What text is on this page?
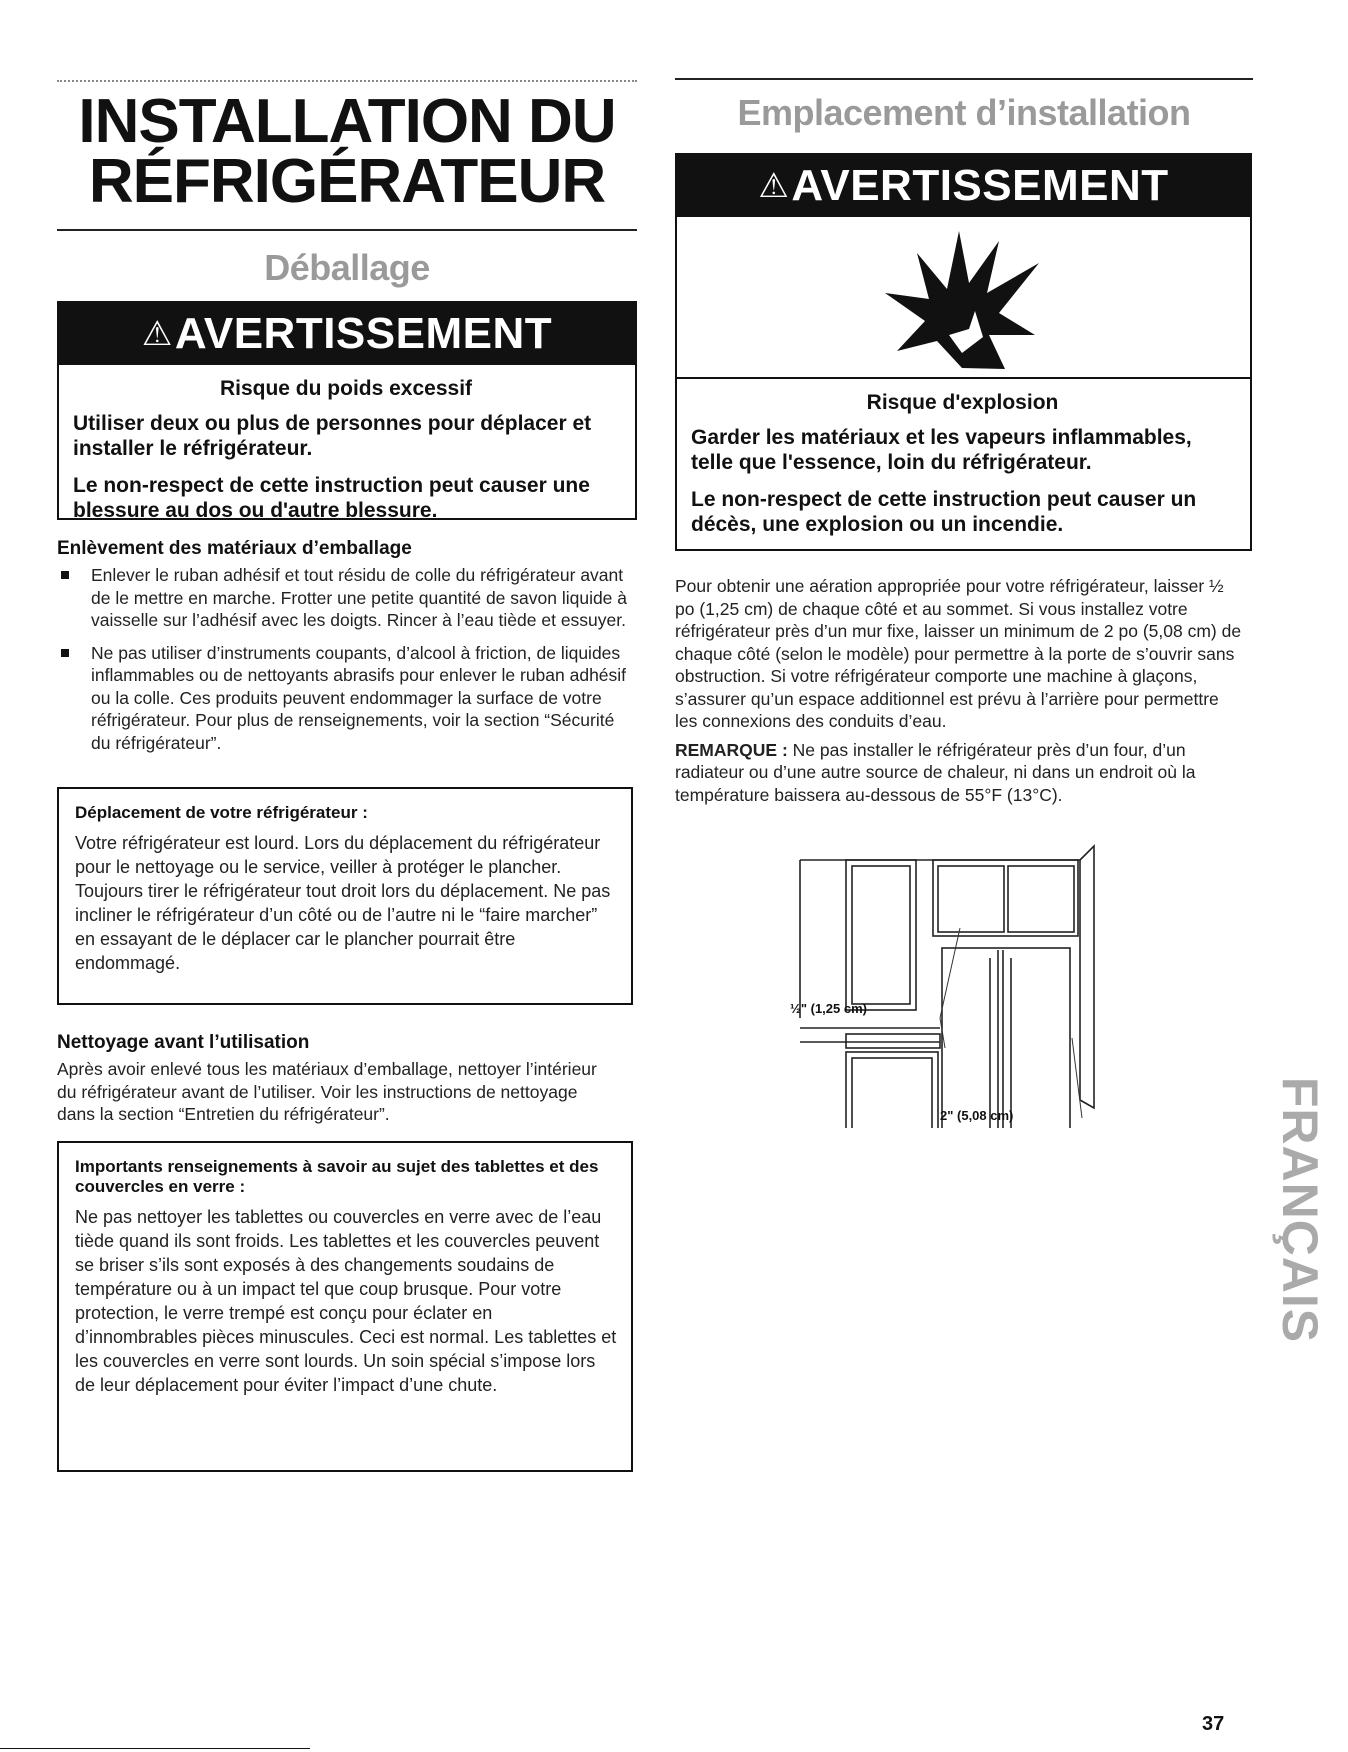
INSTALLATION DU
RÉFRIGÉRATEUR
Déballage
⚠AVERTISSEMENT
Risque du poids excessif

Utiliser deux ou plus de personnes pour déplacer et installer le réfrigérateur.

Le non-respect de cette instruction peut causer une blessure au dos ou d'autre blessure.

Enlèvement des matériaux d’emballage
Enlever le ruban adhésif et tout résidu de colle du réfrigérateur avant de le mettre en marche. Frotter une petite quantité de savon liquide à vaisselle sur l’adhésif avec les doigts. Rincer à l’eau tiède et essuyer.
Ne pas utiliser d’instruments coupants, d’alcool à friction, de liquides inflammables ou de nettoyants abrasifs pour enlever le ruban adhésif ou la colle. Ces produits peuvent endommager la surface de votre réfrigérateur. Pour plus de renseignements, voir la section “Sécurité du réfrigérateur”.
Déplacement de votre réfrigérateur :

Votre réfrigérateur est lourd. Lors du déplacement du réfrigérateur pour le nettoyage ou le service, veiller à protéger le plancher. Toujours tirer le réfrigérateur tout droit lors du déplacement. Ne pas incliner le réfrigérateur d’un côté ou de l’autre ni le “faire marcher” en essayant de le déplacer car le plancher pourrait être endommagé.

Nettoyage avant l’utilisation
Après avoir enlevé tous les matériaux d’emballage, nettoyer l’intérieur du réfrigérateur avant de l’utiliser. Voir les instructions de nettoyage dans la section “Entretien du réfrigérateur”.
Importants renseignements à savoir au sujet des tablettes et des couvercles en verre :

Ne pas nettoyer les tablettes ou couvercles en verre avec de l’eau tiède quand ils sont froids. Les tablettes et les couvercles peuvent se briser s’ils sont exposés à des changements soudains de température ou à un impact tel que coup brusque. Pour votre protection, le verre trempé est conçu pour éclater en d’innombrables pièces minuscules. Ceci est normal. Les tablettes et les couvercles en verre sont lourds. Un soin spécial s’impose lors de leur déplacement pour éviter l’impact d’une chute.

Emplacement d’installation
⚠AVERTISSEMENT
Risque d'explosion

Garder les matériaux et les vapeurs inflammables, telle que l'essence, loin du réfrigérateur.

Le non-respect de cette instruction peut causer un décès, une explosion ou un incendie.

Pour obtenir une aération appropriée pour votre réfrigérateur, laisser ½ po (1,25 cm) de chaque côté et au sommet. Si vous installez votre réfrigérateur près d’un mur fixe, laisser un minimum de 2 po (5,08 cm) de chaque côté (selon le modèle) pour permettre à la porte de s’ouvrir sans obstruction. Si votre réfrigérateur comporte une machine à glaçons, s’assurer qu’un espace additionnel est prévu à l’arrière pour permettre les connexions des conduits d’eau.

REMARQUE : Ne pas installer le réfrigérateur près d’un four, d’un radiateur ou d’une autre source de chaleur, ni dans un endroit où la température baissera au-dessous de 55°F (13°C).

½" (1,25 cm)
2" (5,08 cm)	FRANÇAIS
37
